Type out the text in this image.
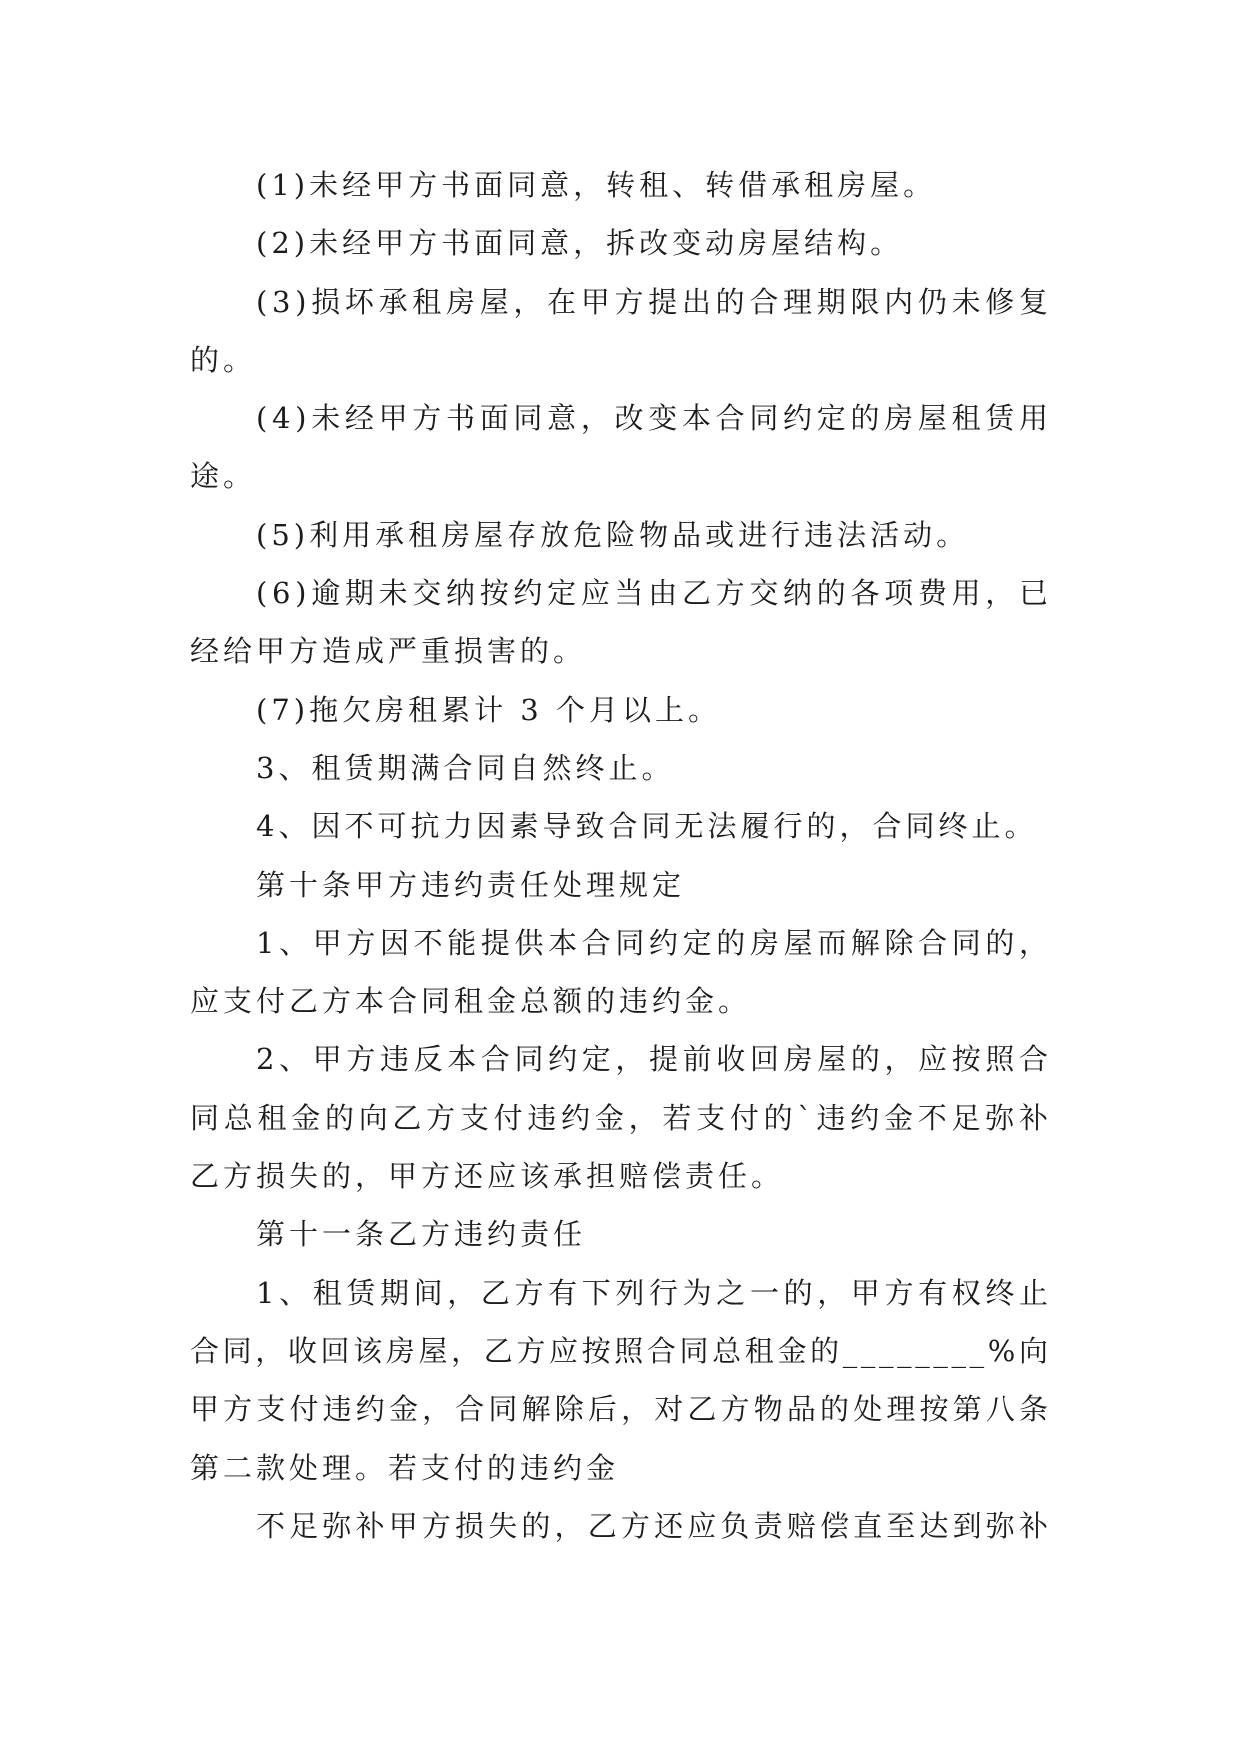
(1)未经甲方书面同意，转租、转借承租房屋。
(2)未经甲方书面同意，拆改变动房屋结构。
(3)损坏承租房屋，在甲方提出的合理期限内仍未修复
的。
(4)未经甲方书面同意，改变本合同约定的房屋租赁用
途。
(5)利用承租房屋存放危险物品或进行违法活动。
(6)逾期未交纳按约定应当由乙方交纳的各项费用，已
经给甲方造成严重损害的。
(7)拖欠房租累计 3 个月以上。
3、租赁期满合同自然终止。
4、因不可抗力因素导致合同无法履行的，合同终止。
第十条甲方违约责任处理规定
1、甲方因不能提供本合同约定的房屋而解除合同的，
应支付乙方本合同租金总额的违约金。
2、甲方违反本合同约定，提前收回房屋的，应按照合
同总租金的向乙方支付违约金，若支付的`违约金不足弥补
乙方损失的，甲方还应该承担赔偿责任。
第十一条乙方违约责任
1、租赁期间，乙方有下列行为之一的，甲方有权终止
合同，收回该房屋，乙方应按照合同总租金的________%向
甲方支付违约金，合同解除后，对乙方物品的处理按第八条
第二款处理。若支付的违约金
不足弥补甲方损失的，乙方还应负责赔偿直至达到弥补
